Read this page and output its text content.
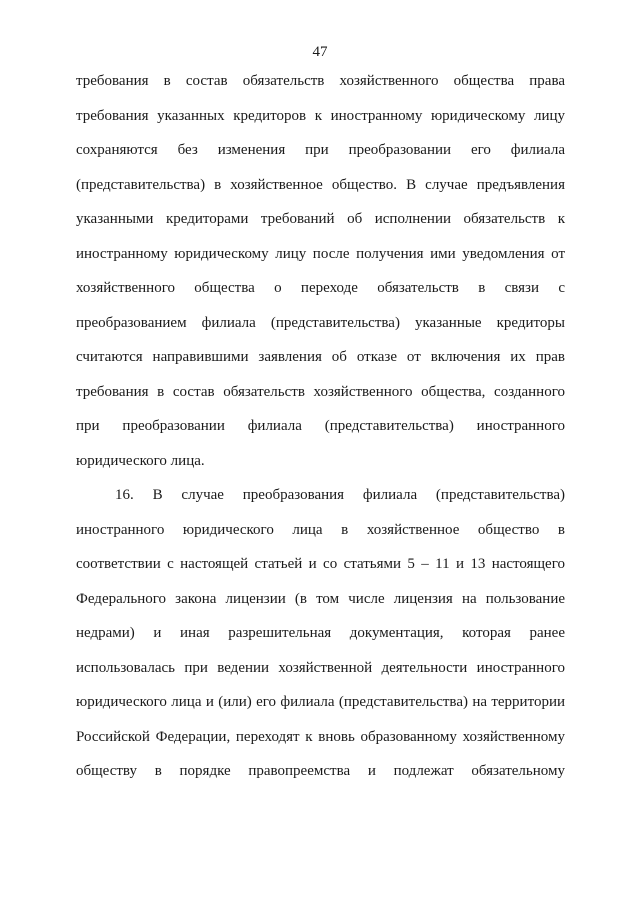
47
требования в состав обязательств хозяйственного общества права
требования указанных кредиторов к иностранному юридическому лицу
сохраняются без изменения при преобразовании его филиала
(представительства) в хозяйственное общество. В случае предъявления
указанными кредиторами требований об исполнении обязательств к
иностранному юридическому лицу после получения ими уведомления от
хозяйственного общества о переходе обязательств в связи с
преобразованием филиала (представительства) указанные кредиторы
считаются направившими заявления об отказе от включения их прав
требования в состав обязательств хозяйственного общества, созданного
при преобразовании филиала (представительства) иностранного
юридического лица.
16. В случае преобразования филиала (представительства)
иностранного юридического лица в хозяйственное общество в
соответствии с настоящей статьей и со статьями 5 – 11 и 13 настоящего
Федерального закона лицензии (в том числе лицензия на пользование
недрами) и иная разрешительная документация, которая ранее
использовалась при ведении хозяйственной деятельности иностранного
юридического лица и (или) его филиала (представительства) на территории
Российской Федерации, переходят к вновь образованному хозяйственному
обществу в порядке правопреемства и подлежат обязательному
